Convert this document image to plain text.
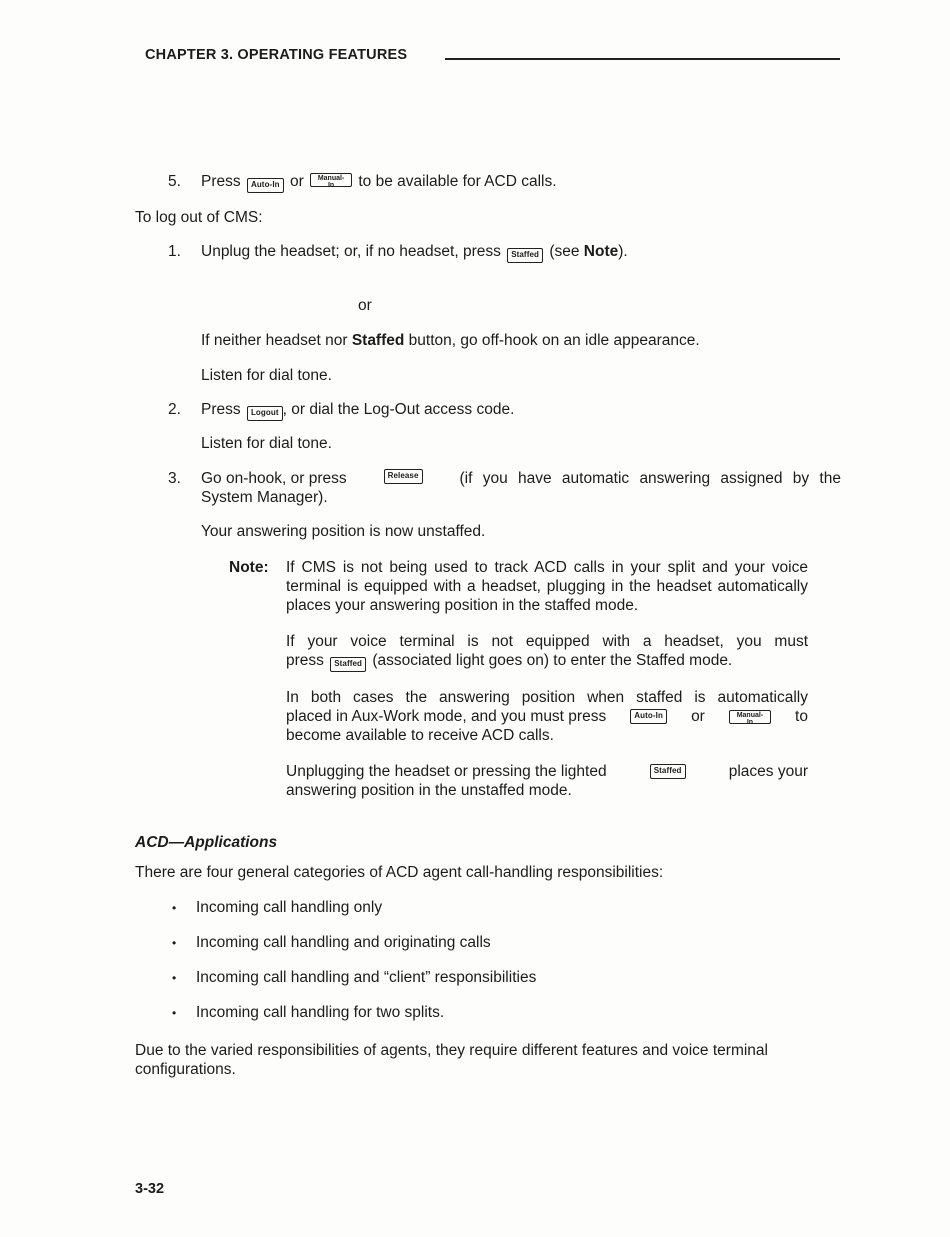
CHAPTER 3. OPERATING FEATURES
5.	Press Auto-In or	Manual-
In	to be available for ACD calls.
To log out of CMS:
1.	Unplug the headset; or, if no headset, press Staffed (see Note).
or
If neither headset nor Staffed button, go off-hook on an idle appearance.
Listen for dial tone.
2.	Press Logout , or dial the Log-Out access code.
Listen for dial tone.
3.	Go on-hook, or press	Release	(if you have automatic answering assigned by the
System Manager).
Your answering position is now unstaffed.
Note: If CMS is not being used to track ACD calls in your split and your voice terminal is equipped with a headset, plugging in the headset automatically places your answering position in the staffed mode.
If your voice terminal is not equipped with a headset, you must
press Staffed (associated light goes on) to enter the Staffed mode.
In both cases the answering position when staffed is automatically
placed in Aux-Work mode, and you must press	Auto-In or	Manual-
In	to
become available to receive ACD calls.
Unplugging the headset or pressing the lighted	Staffed	places your
answering position in the unstaffed mode.
ACD—Applications
There are four general categories of ACD agent call-handling responsibilities:
• Incoming call handling only
• Incoming call handling and originating calls
• Incoming call handling and “client” responsibilities
• Incoming call handling for two splits.
Due to the varied responsibilities of agents, they require different features and voice terminal configurations.
3-32
